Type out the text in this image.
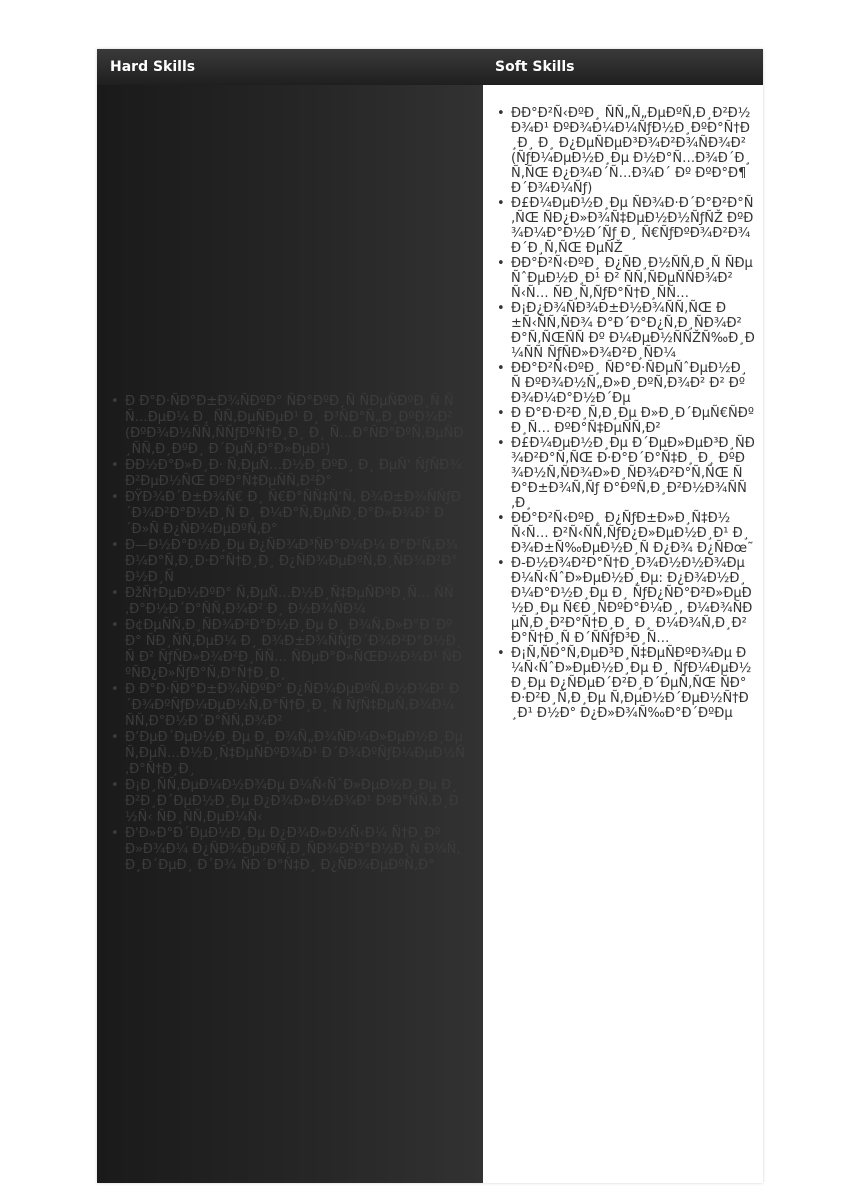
Hard Skills	Soft Skills
• Ð Ð°Ð·ÑÐ°Ð±Ð¾ÑÐºÐ° ÑÐ°ÐºÐ¸Ñ ÑÐµÑÐºÐ¸Ñ ÑÑ…ÐµÐ¼ Ð¸ ÑÑ‚ÐµÑÐµÐ¹ Ð¸ Ð³ÑÐ°Ñ„Ð¸ÐºÐ¾Ð² (ÐºÐ¾Ð½ÑÑ‚ÑÑƒÐºÑ†Ð¸Ð¸ Ð¸ Ñ…Ð°ÑÐ°ÐºÑ‚ÐµÑÐ¸ÑÑ‚Ð¸ÐºÐ¸ Ð´ÐµÑ‚Ð°Ð»ÐµÐ¹)
• ÐÐ½Ð°Ð»Ð¸Ð· Ñ‚ÐµÑ…Ð½Ð¸ÐºÐ¸ Ð¸ ÐµÑ‘ ÑƒÑÐ¾Ð²ÐµÐ½ÑŒ ÐºÐ°Ñ‡ÐµÑÑ‚Ð²Ð°
• ÐŸÐ¾Ð´Ð±Ð¾Ñ€ Ð¸ Ñ€Ð°ÑÑ‡Ñ‘Ñ‚ Ð¾Ð±Ð¾ÑÑƒÐ´Ð¾Ð²Ð°Ð½Ð¸Ñ Ð¸ Ð¼Ð°Ñ‚ÐµÑÐ¸Ð°Ð»Ð¾Ð² Ð´Ð»Ñ Ð¿ÑÐ¾ÐµÐºÑ‚Ð°
• Ð—Ð½Ð°Ð½Ð¸Ðµ Ð¿ÑÐ¾Ð³ÑÐ°Ð¼Ð¼ Ð°Ð²Ñ‚Ð¾Ð¼Ð°Ñ‚Ð¸Ð·Ð°Ñ†Ð¸Ð¸ Ð¿ÑÐ¾ÐµÐºÑ‚Ð¸ÑÐ¾Ð²Ð°Ð½Ð¸Ñ
• ÐžÑ†ÐµÐ½ÐºÐ° Ñ‚ÐµÑ…Ð½Ð¸Ñ‡ÐµÑÐºÐ¸Ñ… ÑÑ‚Ð°Ð½Ð´Ð°ÑÑ‚Ð¾Ð² Ð¸ Ð½Ð¾ÑÐ¼
• Ð¢ÐµÑÑ‚Ð¸ÑÐ¾Ð²Ð°Ð½Ð¸Ðµ Ð¸ Ð¾Ñ‚Ð»Ð°Ð´ÐºÐ° ÑÐ¸ÑÑ‚ÐµÐ¼ Ð¸ Ð¾Ð±Ð¾ÑÑƒÐ´Ð¾Ð²Ð°Ð½Ð¸Ñ Ð² ÑƒÑÐ»Ð¾Ð²Ð¸ÑÑ… ÑÐµÐ°Ð»ÑŒÐ½Ð¾Ð¹ ÑÐºÑÐ¿Ð»ÑƒÐ°Ñ‚Ð°Ñ†Ð¸Ð¸
• Ð Ð°Ð·ÑÐ°Ð±Ð¾ÑÐºÐ° Ð¿ÑÐ¾ÐµÐºÑ‚Ð½Ð¾Ð¹ Ð´Ð¾ÐºÑƒÐ¼ÐµÐ½Ñ‚Ð°Ñ†Ð¸Ð¸ Ñ ÑƒÑ‡ÐµÑ‚Ð¾Ð¼ ÑÑ‚Ð°Ð½Ð´Ð°ÑÑ‚Ð¾Ð²
• Ð’ÐµÐ´ÐµÐ½Ð¸Ðµ Ð¸ Ð¾Ñ„Ð¾ÑÐ¼Ð»ÐµÐ½Ð¸Ðµ Ñ‚ÐµÑ…Ð½Ð¸Ñ‡ÐµÑÐºÐ¾Ð¹ Ð´Ð¾ÐºÑƒÐ¼ÐµÐ½Ñ‚Ð°Ñ†Ð¸Ð¸
• Ð¡Ð¸ÑÑ‚ÐµÐ¼Ð½Ð¾Ðµ Ð¼Ñ‹ÑˆÐ»ÐµÐ½Ð¸Ðµ Ð¸ Ð²Ð¸Ð´ÐµÐ½Ð¸Ðµ Ð¿Ð¾Ð»Ð½Ð¾Ð¹ ÐºÐ°ÑÑ‚Ð¸Ð½Ñ‹ ÑÐ¸ÑÑ‚ÐµÐ¼Ñ‹
• Ð'Ð»Ð°Ð´ÐµÐ½Ð¸Ðµ Ð¿Ð¾Ð»Ð½Ñ‹Ð¼ Ñ†Ð¸ÐºÐ»Ð¾Ð¼ Ð¿ÑÐ¾ÐµÐºÑ‚Ð¸ÑÐ¾Ð²Ð°Ð½Ð¸Ñ Ð¾Ñ‚ Ð¸Ð´ÐµÐ¸ Ð´Ð¾ ÑÐ´Ð°Ñ‡Ð¸ Ð¿ÑÐ¾ÐµÐºÑ‚Ð°
• ÐÐ°Ð²Ñ‹ÐºÐ¸ ÑÑ„Ñ„ÐµÐºÑ‚Ð¸Ð²Ð½Ð¾Ð¹ ÐºÐ¾Ð¼Ð¼ÑƒÐ½Ð¸ÐºÐ°Ñ†Ð¸Ð¸ Ð¸ Ð¿ÐµÑÐµÐ³Ð¾Ð²Ð¾ÑÐ¾Ð² (ÑƒÐ¼ÐµÐ½Ð¸Ðµ Ð½Ð°Ñ…Ð¾Ð´Ð¸Ñ‚ÑŒ Ð¿Ð¾Ð´Ñ…Ð¾Ð´ Ðº ÐºÐ°Ð¶Ð´Ð¾Ð¼Ñƒ)
• Ð£Ð¼ÐµÐ½Ð¸Ðµ ÑÐ¾Ð·Ð´Ð°Ð²Ð°Ñ‚ÑŒ ÑÐ¿Ð»Ð¾Ñ‡ÐµÐ½Ð½ÑƒÑŽ ÐºÐ¾Ð¼Ð°Ð½Ð´Ñƒ Ð¸ Ñ€ÑƒÐºÐ¾Ð²Ð¾Ð´Ð¸Ñ‚ÑŒ ÐµÑŽ
• ÐÐ°Ð²Ñ‹ÐºÐ¸ Ð¿ÑÐ¸Ð½ÑÑ‚Ð¸Ñ ÑÐµÑˆÐµÐ½Ð¸Ð¹ Ð² ÑÑ‚ÑÐµÑÑÐ¾Ð²Ñ‹Ñ… ÑÐ¸Ñ‚ÑƒÐ°Ñ†Ð¸ÑÑ…
• Ð¡Ð¿Ð¾ÑÐ¾Ð±Ð½Ð¾ÑÑ‚ÑŒ Ð±Ñ‹ÑÑ‚ÑÐ¾ Ð°Ð´Ð°Ð¿Ñ‚Ð¸ÑÐ¾Ð²Ð°Ñ‚ÑŒÑÑ Ðº Ð¼ÐµÐ½ÑÑŽÑ‰Ð¸Ð¼ÑÑ ÑƒÑÐ»Ð¾Ð²Ð¸ÑÐ¼
• ÐÐ°Ð²Ñ‹ÐºÐ¸ ÑÐ°Ð·ÑÐµÑˆÐµÐ½Ð¸Ñ ÐºÐ¾Ð½Ñ„Ð»Ð¸ÐºÑ‚Ð¾Ð² Ð² ÐºÐ¾Ð¼Ð°Ð½Ð´Ðµ
• Ð Ð°Ð·Ð²Ð¸Ñ‚Ð¸Ðµ Ð»Ð¸Ð´ÐµÑ€ÑÐºÐ¸Ñ… ÐºÐ°Ñ‡ÐµÑÑ‚Ð²
• Ð£Ð¼ÐµÐ½Ð¸Ðµ Ð´ÐµÐ»ÐµÐ³Ð¸ÑÐ¾Ð²Ð°Ñ‚ÑŒ Ð·Ð°Ð´Ð°Ñ‡Ð¸ Ð¸ ÐºÐ¾Ð½Ñ‚ÑÐ¾Ð»Ð¸ÑÐ¾Ð²Ð°Ñ‚ÑŒ ÑÐ°Ð±Ð¾Ñ‚Ñƒ Ð°ÐºÑ‚Ð¸Ð²Ð½Ð¾ÑÑ‚Ð¸
• ÐÐ°Ð²Ñ‹ÐºÐ¸ Ð¿ÑƒÐ±Ð»Ð¸Ñ‡Ð½Ñ‹Ñ… Ð²Ñ‹ÑÑ‚ÑƒÐ¿Ð»ÐµÐ½Ð¸Ð¹ Ð¸ Ð¾Ð±Ñ‰ÐµÐ½Ð¸Ñ Ð¿Ð¾ Ð¿ÑÐœ˜
• Ð-Ð½Ð¾Ð²Ð°Ñ†Ð¸Ð¾Ð½Ð½Ð¾Ðµ Ð¼Ñ‹ÑˆÐ»ÐµÐ½Ð¸Ðµ: Ð¿Ð¾Ð½Ð¸Ð¼Ð°Ð½Ð¸Ðµ Ð¸ ÑƒÐ¿ÑÐ°Ð²Ð»ÐµÐ½Ð¸Ðµ Ñ€Ð¸ÑÐºÐ°Ð¼Ð¸, Ð¼Ð¾ÑÐµÑ‚Ð¸Ð²Ð°Ñ†Ð¸Ð¸ Ð¸ Ð¼Ð¾Ñ‚Ð¸Ð²Ð°Ñ†Ð¸Ñ Ð´ÑÑƒÐ³Ð¸Ñ…
• Ð¡Ñ‚ÑÐ°Ñ‚ÐµÐ³Ð¸Ñ‡ÐµÑÐºÐ¾Ðµ Ð¼Ñ‹ÑˆÐ»ÐµÐ½Ð¸Ðµ Ð¸ ÑƒÐ¼ÐµÐ½Ð¸Ðµ Ð¿ÑÐµÐ´Ð²Ð¸Ð´ÐµÑ‚ÑŒ ÑÐ°Ð·Ð²Ð¸Ñ‚Ð¸Ðµ Ñ‚ÐµÐ½Ð´ÐµÐ½Ñ†Ð¸Ð¹ Ð½Ð° Ð¿Ð»Ð¾Ñ‰Ð°Ð´ÐºÐµ
